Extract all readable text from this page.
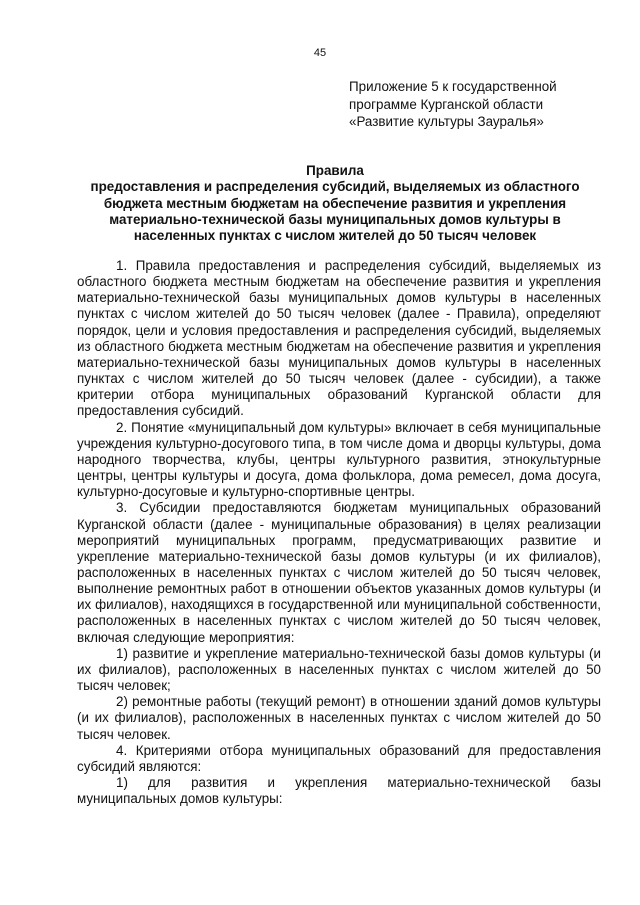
45
Приложение 5 к государственной
программе Курганской области
«Развитие культуры Зауралья»
Правила
предоставления и распределения субсидий, выделяемых из областного
бюджета местным бюджетам на обеспечение развития и укрепления
материально-технической базы муниципальных домов культуры в
населенных пунктах с числом жителей до 50 тысяч человек

1. Правила предоставления и распределения субсидий, выделяемых из областного бюджета местным бюджетам на обеспечение развития и укрепления материально-технической базы муниципальных домов культуры в населенных пунктах с числом жителей до 50 тысяч человек (далее - Правила), определяют порядок, цели и условия предоставления и распределения субсидий, выделяемых из областного бюджета местным бюджетам на обеспечение развития и укрепления материально-технической базы муниципальных домов культуры в населенных пунктах с числом жителей до 50 тысяч человек (далее - субсидии), а также критерии отбора муниципальных образований Курганской области для предоставления субсидий.

2. Понятие «муниципальный дом культуры» включает в себя муниципальные учреждения культурно-досугового типа, в том числе дома и дворцы культуры, дома народного творчества, клубы, центры культурного развития, этнокультурные центры, центры культуры и досуга, дома фольклора, дома ремесел, дома досуга, культурно-досуговые и культурно-спортивные центры.

3. Субсидии предоставляются бюджетам муниципальных образований Курганской области (далее - муниципальные образования) в целях реализации мероприятий муниципальных программ, предусматривающих развитие и укрепление материально-технической базы домов культуры (и их филиалов), расположенных в населенных пунктах с числом жителей до 50 тысяч человек, выполнение ремонтных работ в отношении объектов указанных домов культуры (и их филиалов), находящихся в государственной или муниципальной собственности, расположенных в населенных пунктах с числом жителей до 50 тысяч человек, включая следующие мероприятия:

1) развитие и укрепление материально-технической базы домов культуры (и их филиалов), расположенных в населенных пунктах с числом жителей до 50 тысяч человек;

2) ремонтные работы (текущий ремонт) в отношении зданий домов культуры (и их филиалов), расположенных в населенных пунктах с числом жителей до 50 тысяч человек.

4. Критериями отбора муниципальных образований для предоставления субсидий являются:

1) для развития и укрепления материально-технической базы муниципальных домов культуры:
